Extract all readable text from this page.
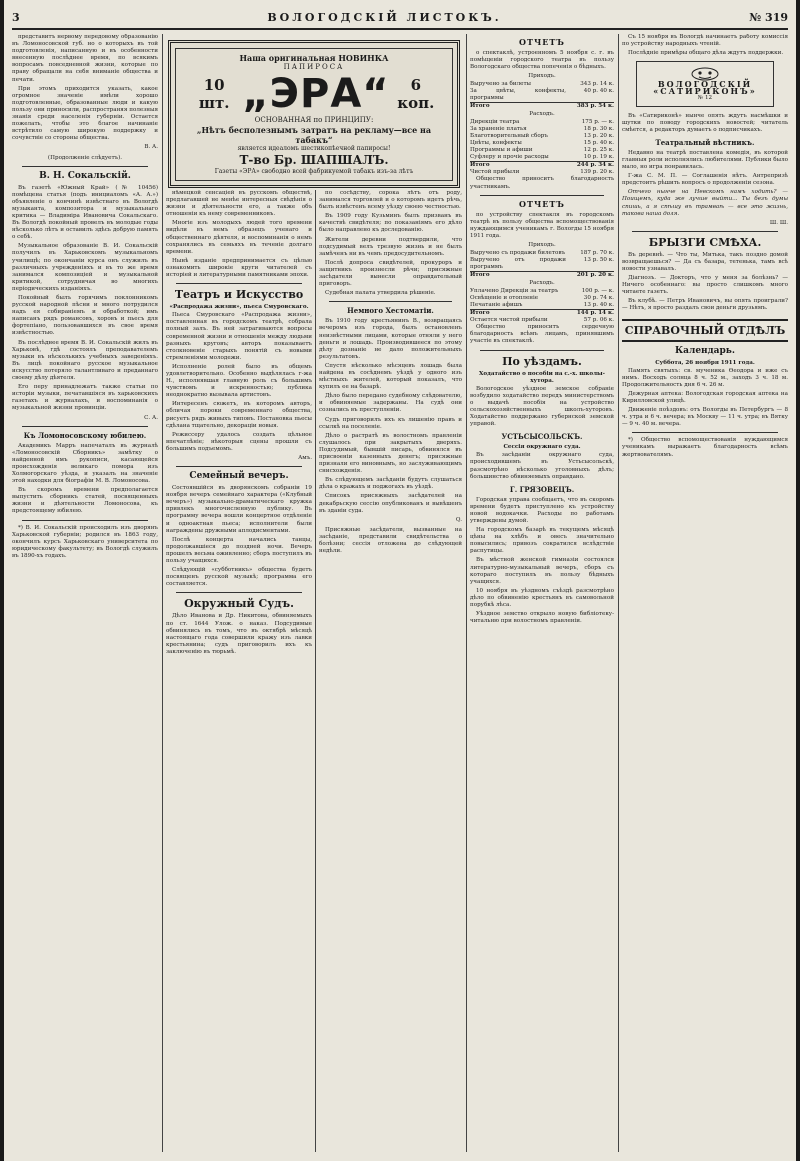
3	ВОЛОГОДСКІЙ ЛИСТОКЪ.	№ 319

представитъ нервому передовому образованію въ Ломоносовской губ. но о которыхъ въ той подготовленія, написанную и въ особенности внесенную послѣднее время, по всякимъ вопросамъ повседневной жизни, которые по праву обращали на себя вниманіе общества и печати.

При этомъ приходится указать, какое огромное значеніе имѣли хорошо подготовленные, образованные люди и какую пользу они приносили, распространяя полезныя знанія среди населенія губерніи. Остается пожелать, чтобы это благое начинаніе встрѣтило самую широкую поддержку и сочувствіе со стороны общества.

В. А.
(Продолженіе слѣдуетъ).
В. Н. Сокальскій.

Въ газетѣ «Южный Край» (№ 10456) помѣщена статья (подъ инициаломъ «А. А.») объявленіе о кончинѣ извѣстнаго въ Вологдѣ музыканта, композитора и музыкальнаго критика — Владиміра Ивановича Сокальскаго. Въ Вологдѣ покойный провелъ въ молодые годы нѣсколько лѣтъ и оставилъ здѣсь добрую память о себѣ.

Музыкальное образованіе В. И. Сокальскій получилъ въ Харьковскомъ музыкальномъ училищѣ; по окончаніи курса онъ служилъ въ различныхъ учрежденіяхъ и въ то же время занимался композиціей и музыкальной критикой, сотрудничая во многихъ періодическихъ изданіяхъ.

Покойный былъ горячимъ поклонникомъ русской народной пѣсни и много потрудился надъ ея собираніемъ и обработкой; имъ написанъ рядъ романсовъ, хоровъ и пьесъ для фортепіано, пользовавшихся въ свое время извѣстностью.

Въ послѣднее время В. И. Сокальскій жилъ въ Харьковѣ, гдѣ состоялъ преподавателемъ музыки въ нѣсколькихъ учебныхъ заведеніяхъ. Въ лицѣ покойнаго русское музыкальное искусство потеряло талантливаго и преданнаго своему дѣлу дѣятеля.

Его перу принадлежатъ также статьи по исторіи музыки, печатавшіяся въ харьковскихъ газетахъ и журналахъ, и воспоминанія о музыкальной жизни провинціи.

С. А.
Къ Ломоносовскому юбилею.

Академикъ Марръ напечаталъ въ журналѣ «Ломоносовскій Сборникъ» замѣтку о найденной имъ рукописи, касающейся происхожденія великаго помора изъ Холмогорскаго уѣзда, и указалъ на значеніе этой находки для біографіи М. В. Ломоносова.

Въ скоромъ времени предполагается выпустить сборникъ статей, посвященныхъ жизни и дѣятельности Ломоносова, къ предстоящему юбилею.

*) В. И. Сокальскій происходилъ изъ дворянъ Харьковской губерніи; родился въ 1863 году, окончилъ курсъ Харьковскаго университета по юридическому факультету; въ Вологдѣ служилъ въ 1890-хъ годахъ.

Наша оригинальная НОВИНКА
ПАПИРОСА
10 шт. „ЭРА“	6 коп.
ОСНОВАННАЯ по ПРИНЦИПУ:
„Нѣтъ бесполезнымъ затратъ на рекламу—все на табакъ“
является идеаломъ шестикопѣечной папиросы!
Т-во Бр. ШАПШАЛЪ.
Газеты «ЭРА» свободно всей фабрикуемой табакъ изъ-за лѣтъ

нѣмецкой сенсаціей въ русскомъ обществѣ, предлагавшей не менѣе интересныя свѣдѣнія о жизни и дѣятельности его, а также объ отношеніи къ нему современниковъ.

Многіе изъ молодыхъ людей того времени видѣли въ немъ образецъ ученаго и общественнаго дѣятеля, и воспоминанія о немъ сохранялись въ семьяхъ въ теченіе долгаго времени.

Нынѣ изданіе предпринимается съ цѣлью ознакомить широкіе круги читателей съ исторіей и литературными памятниками эпохи.

Театръ и Искусство
«Распродажа жизни», пьеса Смуровскаго.

Пьеса Смуровскаго «Распродажа жизни», поставленная въ городскомъ театрѣ, собрала полный залъ. Въ ней затрагиваются вопросы современной жизни и отношенія между людьми разныхъ круговъ; авторъ показываетъ столкновеніе старыхъ понятій съ новыми стремленіями молодежи.

Исполненіе ролей было въ общемъ удовлетворительно. Особенно выдѣлялась г-жа Н., исполнявшая главную роль съ большимъ чувствомъ и искренностью; публика неоднократно вызывала артистовъ.

Интересенъ сюжетъ, въ которомъ авторъ, обличая пороки современнаго общества, рисуетъ рядъ живыхъ типовъ. Постановка пьесы сдѣлана тщательно, декораціи новыя.

Режиссеру удалось создать цѣльное впечатлѣніе; нѣкоторыя сцены прошли съ большимъ подъемомъ.

Амъ.
Семейный вечеръ.

Состоявшійся въ дворянскомъ собраніи 19 ноября вечеръ семейнаго характера («Клубный вечеръ») музыкально-драматическаго кружка привлекъ многочисленную публику. Въ программу вечера вошли концертное отдѣленіе и одноактная пьеса; исполнители были награждены дружными аплодисментами.

Послѣ концерта начались танцы, продолжавшіеся до поздней ночи. Вечеръ прошелъ весьма оживленно; сборъ поступилъ въ пользу учащихся.

Слѣдующій «субботникъ» общества будетъ посвященъ русской музыкѣ; программа его составляется.

Окружный Судъ.

Дѣло Иванова и Др. Никитова, обвиняемыхъ по ст. 1644 Улож. о наказ. Подсудимые обвинялись въ томъ, что въ октябрѣ мѣсяцѣ настоящаго года совершили кражу изъ лавки крестьянина; судъ приговорилъ ихъ къ заключенію въ тюрьмѣ.

по сосѣдству, сорока лѣтъ отъ роду, занимался торговлей и о которомъ идетъ рѣчь, былъ извѣстенъ всему уѣзду своею честностью.

Въ 1909 году Кузьминъ былъ призванъ въ качествѣ свидѣтеля; по показаніямъ его дѣло было направлено къ доследованію.

Жители деревни подтвердили, что подсудимый велъ трезвую жизнь и не былъ замѣченъ ни въ чемъ предосудительномъ.

Послѣ допроса свидѣтелей, прокуроръ и защитникъ произнесли рѣчи; присяжные засѣдатели вынесли оправдательный приговоръ.

Судебная палата утвердила рѣшеніе.

Немного Хестоматіи.

Въ 1910 году крестьянинъ В., возвращаясь вечеромъ изъ города, былъ остановленъ неизвѣстными лицами, которые отняли у него деньги и лошадь. Производившееся по этому дѣлу дознаніе не дало положительныхъ результатовъ.

Спустя нѣсколько мѣсяцевъ лошадь была найдена въ сосѣднемъ уѣздѣ у одного изъ мѣстныхъ жителей, который показалъ, что купилъ ее на базарѣ.

Дѣло было передано судебному слѣдователю, и обвиняемые задержаны. На судѣ они сознались въ преступленіи.

Судъ приговорилъ ихъ къ лишенію правъ и ссылкѣ на поселеніе.

Дѣло о растратѣ въ волостномъ правленіи слушалось при закрытыхъ дверяхъ. Подсудимый, бывшій писарь, обвинялся въ присвоеніи казенныхъ денегъ; присяжные признали его виновнымъ, но заслуживающимъ снисхожденія.

Въ слѣдующемъ засѣданіи будутъ слушаться дѣла о кражахъ и поджогахъ въ уѣздѣ.

Списокъ присяжныхъ засѣдателей на декабрьскую сессію опубликованъ и вывѣшенъ въ зданіи суда.

Q.

Присяжные засѣдатели, вызванные на засѣданіе, представили свидѣтельства о болѣзни; сессія отложена до слѣдующей недѣли.

ОТЧЕТЪ

о спектаклѣ, устроенномъ 5 ноября с. г. въ помѣщеніи городского театра въ пользу Вологодскаго общества попеченія о бѣдныхъ.

Приходъ.
Выручено за билеты	343 р. 14 к.
За цвѣты, конфекты, программы	40 р. 40 к.
Итого	383 р. 54 к.
Расходъ.
Дирекціи театра	175 р. — к.
За храненіе платья	18 р. 30 к.
Благотворительный сборъ	13 р. 20 к.
Цвѣты, конфекты	15 р. 40 к.
Программы и афиши	12 р. 25 к.
Суфлеру и прочіе расходы	10 р. 19 к.
Итого	244 р. 34 к.
Чистой прибыли	139 р. 20 к.

Общество приноситъ благодарность участникамъ.

ОТЧЕТЪ

по устройству спектакля въ городскомъ театрѣ въ пользу общества вспомоществованія нуждающимся ученикамъ г. Вологды 15 ноября 1911 года.

Приходъ.
Выручено съ продажи билетовъ	187 р. 70 к.
Выручено отъ продажи программъ	13 р. 50 к.
Итого	201 р. 20 к.
Расходъ.
Уплачено Дирекціи за театръ	100 р. — к.
Освѣщеніе и отопленіе	30 р. 74 к.
Печатаніе афишъ	13 р. 40 к.
Итого	144 р. 14 к.
Остается чистой прибыли	57 р. 06 к.

Общество приноситъ сердечную благодарность всѣмъ лицамъ, принявшимъ участіе въ спектаклѣ.

По уѣздамъ.
Ходатайство о пособіи на с.-х. школы-хутора.

Вологодское уѣздное земское собраніе возбудило ходатайство передъ министерствомъ о выдачѣ пособія на устройство сельскохозяйственныхъ школъ-хуторовъ. Ходатайство поддержано губернской земской управой.

УСТЬСЫСОЛЬСКЪ.
Сессія окружнаго суда.

Въ засѣданіи окружнаго суда, происходившемъ въ Устьсысольскѣ, разсмотрѣно нѣсколько уголовныхъ дѣлъ; большинство обвиняемыхъ оправдано.

Г. ГРЯЗОВЕЦЪ.

Городская управа сообщаетъ, что въ скоромъ времени будетъ приступлено къ устройству новой водокачки. Расходы по работамъ утверждены думой.

На городскомъ базарѣ въ текущемъ мѣсяцѣ цѣны на хлѣбъ и овесъ значительно повысились; привозъ сократился вслѣдствіе распутицы.

Въ мѣстной женской гимназіи состоялся литературно-музыкальный вечеръ, сборъ съ котораго поступилъ въ пользу бѣдныхъ учащихся.

10 ноября въ уѣздномъ съѣздѣ разсмотрѣно дѣло по обвиненію крестьянъ въ самовольной порубкѣ лѣса.

Уѣздное земство открыло новую библіотеку-читальню при волостномъ правленіи.

Съ 15 ноября въ Вологдѣ начинаетъ работу комиссія по устройству народныхъ чтеній.

Послѣдніе примѣры общаго дѣла ждутъ поддержки.

ВОЛОГОДСКІЙ «САТИРИКОНЪ»
№ 12

Въ «Сатириконѣ» нынче опять ждутъ насмѣшки и шутки по поводу городскихъ новостей; читатель смѣется, а редакторъ думаетъ о подписчикахъ.

Театральный вѣстникъ.

Недавно на театрѣ поставлена комедія, въ которой главныя роли исполнялись любителями. Публики было мало, но игра понравилась.

Г-жа С. М. П. — Соглашенія нѣтъ. Антрепризѣ предстоитъ рѣшить вопросъ о продолженіи сезона.

Отчего нынче на Невскомъ намъ ходить? — Поищемъ, куда же лучше выйти... Ты безъ думы спишь, а я спѣшу въ трамваѣ — все это жизнь, такова наша доля.

Ш. Ш.
БРЫЗГИ СМѢХА.

Въ деревнѣ. — Что ты, Митька, такъ поздно домой возвращаешься? — Да съ базара, тетенька, тамъ всѣ новости узнавалъ.

Діагнозъ. — Докторъ, что у меня за болѣзнь? — Ничего особеннаго: вы просто слишкомъ много читаете газетъ.

Въ клубѣ. — Петръ Ивановичъ, вы опять проиграли? — Нѣтъ, я просто раздалъ свои деньги друзьямъ.

СПРАВОЧНЫЙ ОТДѢЛЪ
Календарь.
Суббота, 26 ноября 1911 года.

Память святыхъ: св. мученика Ѳеодора и иже съ нимъ. Восходъ солнца 8 ч. 52 м., заходъ 3 ч. 18 м. Продолжительность дня 6 ч. 26 м.

Дежурная аптека: Вологодская городская аптека на Кирилловской улицѣ.

Движеніе поѣздовъ: отъ Вологды въ Петербургъ — 8 ч. утра и 6 ч. вечера; въ Москву — 11 ч. утра; въ Вятку — 9 ч. 40 м. вечера.

*) Общество вспомоществованія нуждающимся ученикамъ выражаетъ благодарность всѣмъ жертвователямъ.
